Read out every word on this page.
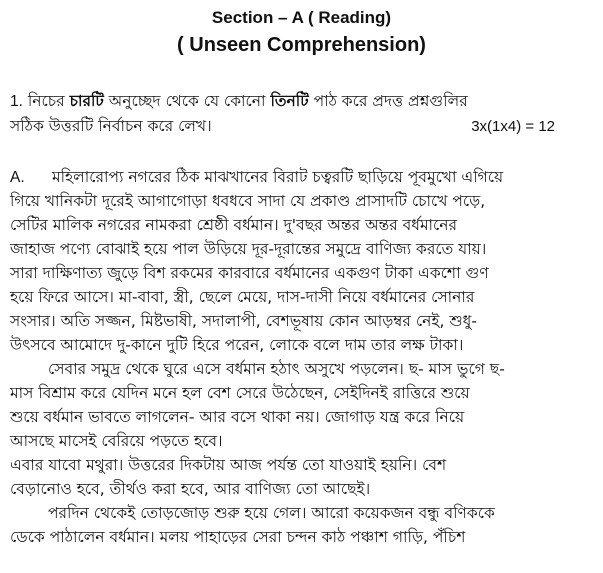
Section – A ( Reading)
( Unseen Comprehension)
1. নিচের চারটি অনুচ্ছেদ থেকে যে কোনো তিনটি পাঠ করে প্রদত্ত প্রশ্নগুলির
সঠিক উত্তরটি নির্বাচন করে লেখ।	3x(1x4) = 12
A. মহিলারোপ্য নগরের ঠিক মাঝখানের বিরাট চত্বরটি ছাড়িয়ে পূবমুখো এগিয়ে
গিয়ে খানিকটা দূরেই আগাগোড়া ধবধবে সাদা যে প্রকাণ্ড প্রাসাদটি চোখে পড়ে,
সেটির মালিক নগরের নামকরা শ্রেষ্ঠী বর্ধমান। দু'বছর অন্তর অন্তর বর্ধমানের
জাহাজ পণ্যে বোঝাই হয়ে পাল উড়িয়ে দূর-দূরান্তের সমুদ্রে বাণিজ্য করতে যায়।
সারা দাক্ষিণাত্য জুড়ে বিশ রকমের কারবারে বর্ধমানের একগুণ টাকা একশো গুণ
হয়ে ফিরে আসে। মা-বাবা, স্ত্রী, ছেলে মেয়ে, দাস-দাসী নিয়ে বর্ধমানের সোনার
সংসার। অতি সজ্জন, মিষ্টভাষী, সদালাপী, বেশভূষায় কোন আড়ম্বর নেই, শুধু-
উৎসবে আমোদে দু-কানে দুটি হিরে পরেন, লোকে বলে দাম তার লক্ষ টাকা।
সেবার সমুদ্র থেকে ঘুরে এসে বর্ধমান হঠাৎ অসুখে পড়লেন। ছ- মাস ভুগে ছ-
মাস বিশ্রাম করে যেদিন মনে হল বেশ সেরে উঠেছেন, সেইদিনই রাত্তিরে শুয়ে
শুয়ে বর্ধমান ভাবতে লাগলেন- আর বসে থাকা নয়। জোগাড় যন্ত্র করে নিয়ে
আসছে মাসেই বেরিয়ে পড়তে হবে।
এবার যাবো মথুরা। উত্তরের দিকটায় আজ পর্যন্ত তো যাওয়াই হয়নি। বেশ
বেড়ানোও হবে, তীর্থও করা হবে, আর বাণিজ্য তো আছেই।
পরদিন থেকেই তোড়জোড় শুরু হয়ে গেল। আরো কয়েকজন বন্ধু বণিককে
ডেকে পাঠালেন বর্ধমান। মলয় পাহাড়ের সেরা চন্দন কাঠ পঞ্চাশ গাড়ি, পঁচিশ
